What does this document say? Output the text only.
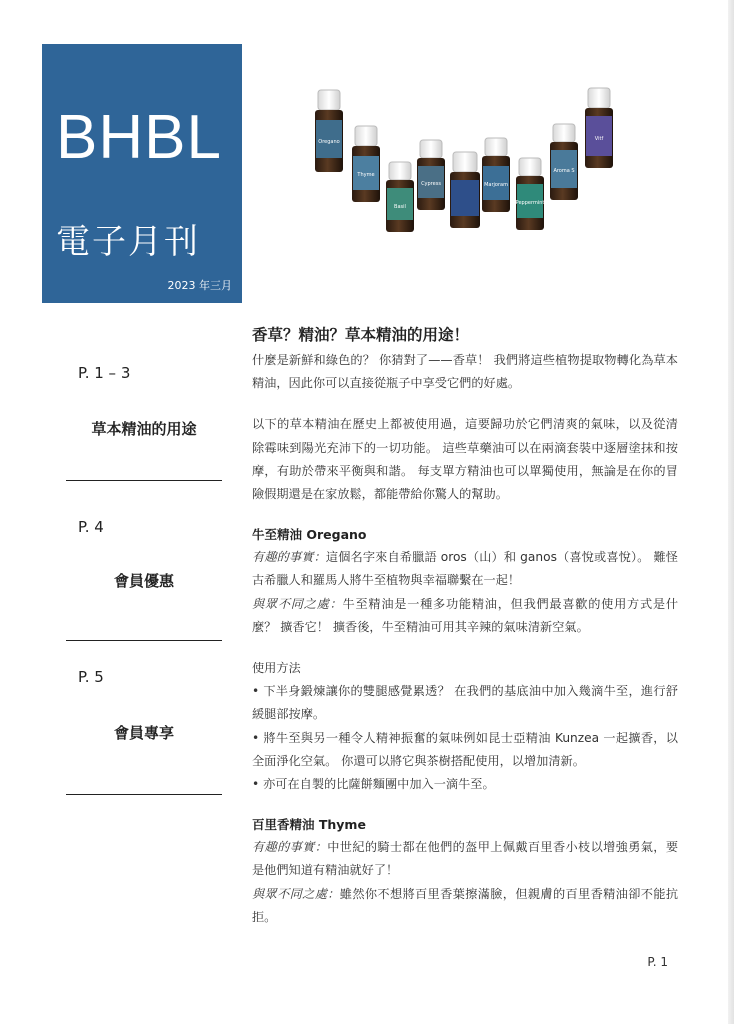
BHBL
電子月刊
2023 年三月
Oregano
Thyme
Basil
Cypress	Marjoram
Peppermint
Aroma S
Vitf
P. 1 – 3
草本精油的用途
P. 4
會員優惠
P. 5
會員專享
香草？精油？草本精油的用途！
什麼是新鮮和綠色的？ 你猜對了——香草！ 我們將這些植物提取物轉化為草本精油，因此你可以直接從瓶子中享受它們的好處。
以下的草本精油在歷史上都被使用過，這要歸功於它們清爽的氣味，以及從清除霉味到陽光充沛下的一切功能。 這些草藥油可以在兩滴套裝中逐層塗抹和按摩，有助於帶來平衡與和諧。 每支單方精油也可以單獨使用，無論是在你的冒險假期還是在家放鬆，都能帶給你驚人的幫助。
牛至精油 Oregano
有趣的事實：這個名字來自希臘語 oros（山）和 ganos（喜悅或喜悅）。 難怪古希臘人和羅馬人將牛至植物與幸福聯繫在一起！
與眾不同之處：牛至精油是一種多功能精油，但我們最喜歡的使用方式是什麼？ 擴香它！ 擴香後，牛至精油可用其辛辣的氣味清新空氣。
使用方法
• 下半身鍛煉讓你的雙腿感覺累透？ 在我們的基底油中加入幾滴牛至，進行舒緩腿部按摩。
• 將牛至與另一種令人精神振奮的氣味例如昆士亞精油 Kunzea 一起擴香，以全面淨化空氣。 你還可以將它與茶樹搭配使用，以增加清新。
• 亦可在自製的比薩餅麵團中加入一滴牛至。
百里香精油 Thyme
有趣的事實：中世紀的騎士都在他們的盔甲上佩戴百里香小枝以增強勇氣，要是他們知道有精油就好了！
與眾不同之處：雖然你不想將百里香葉擦滿臉，但親膚的百里香精油卻不能抗拒。
P. 1
